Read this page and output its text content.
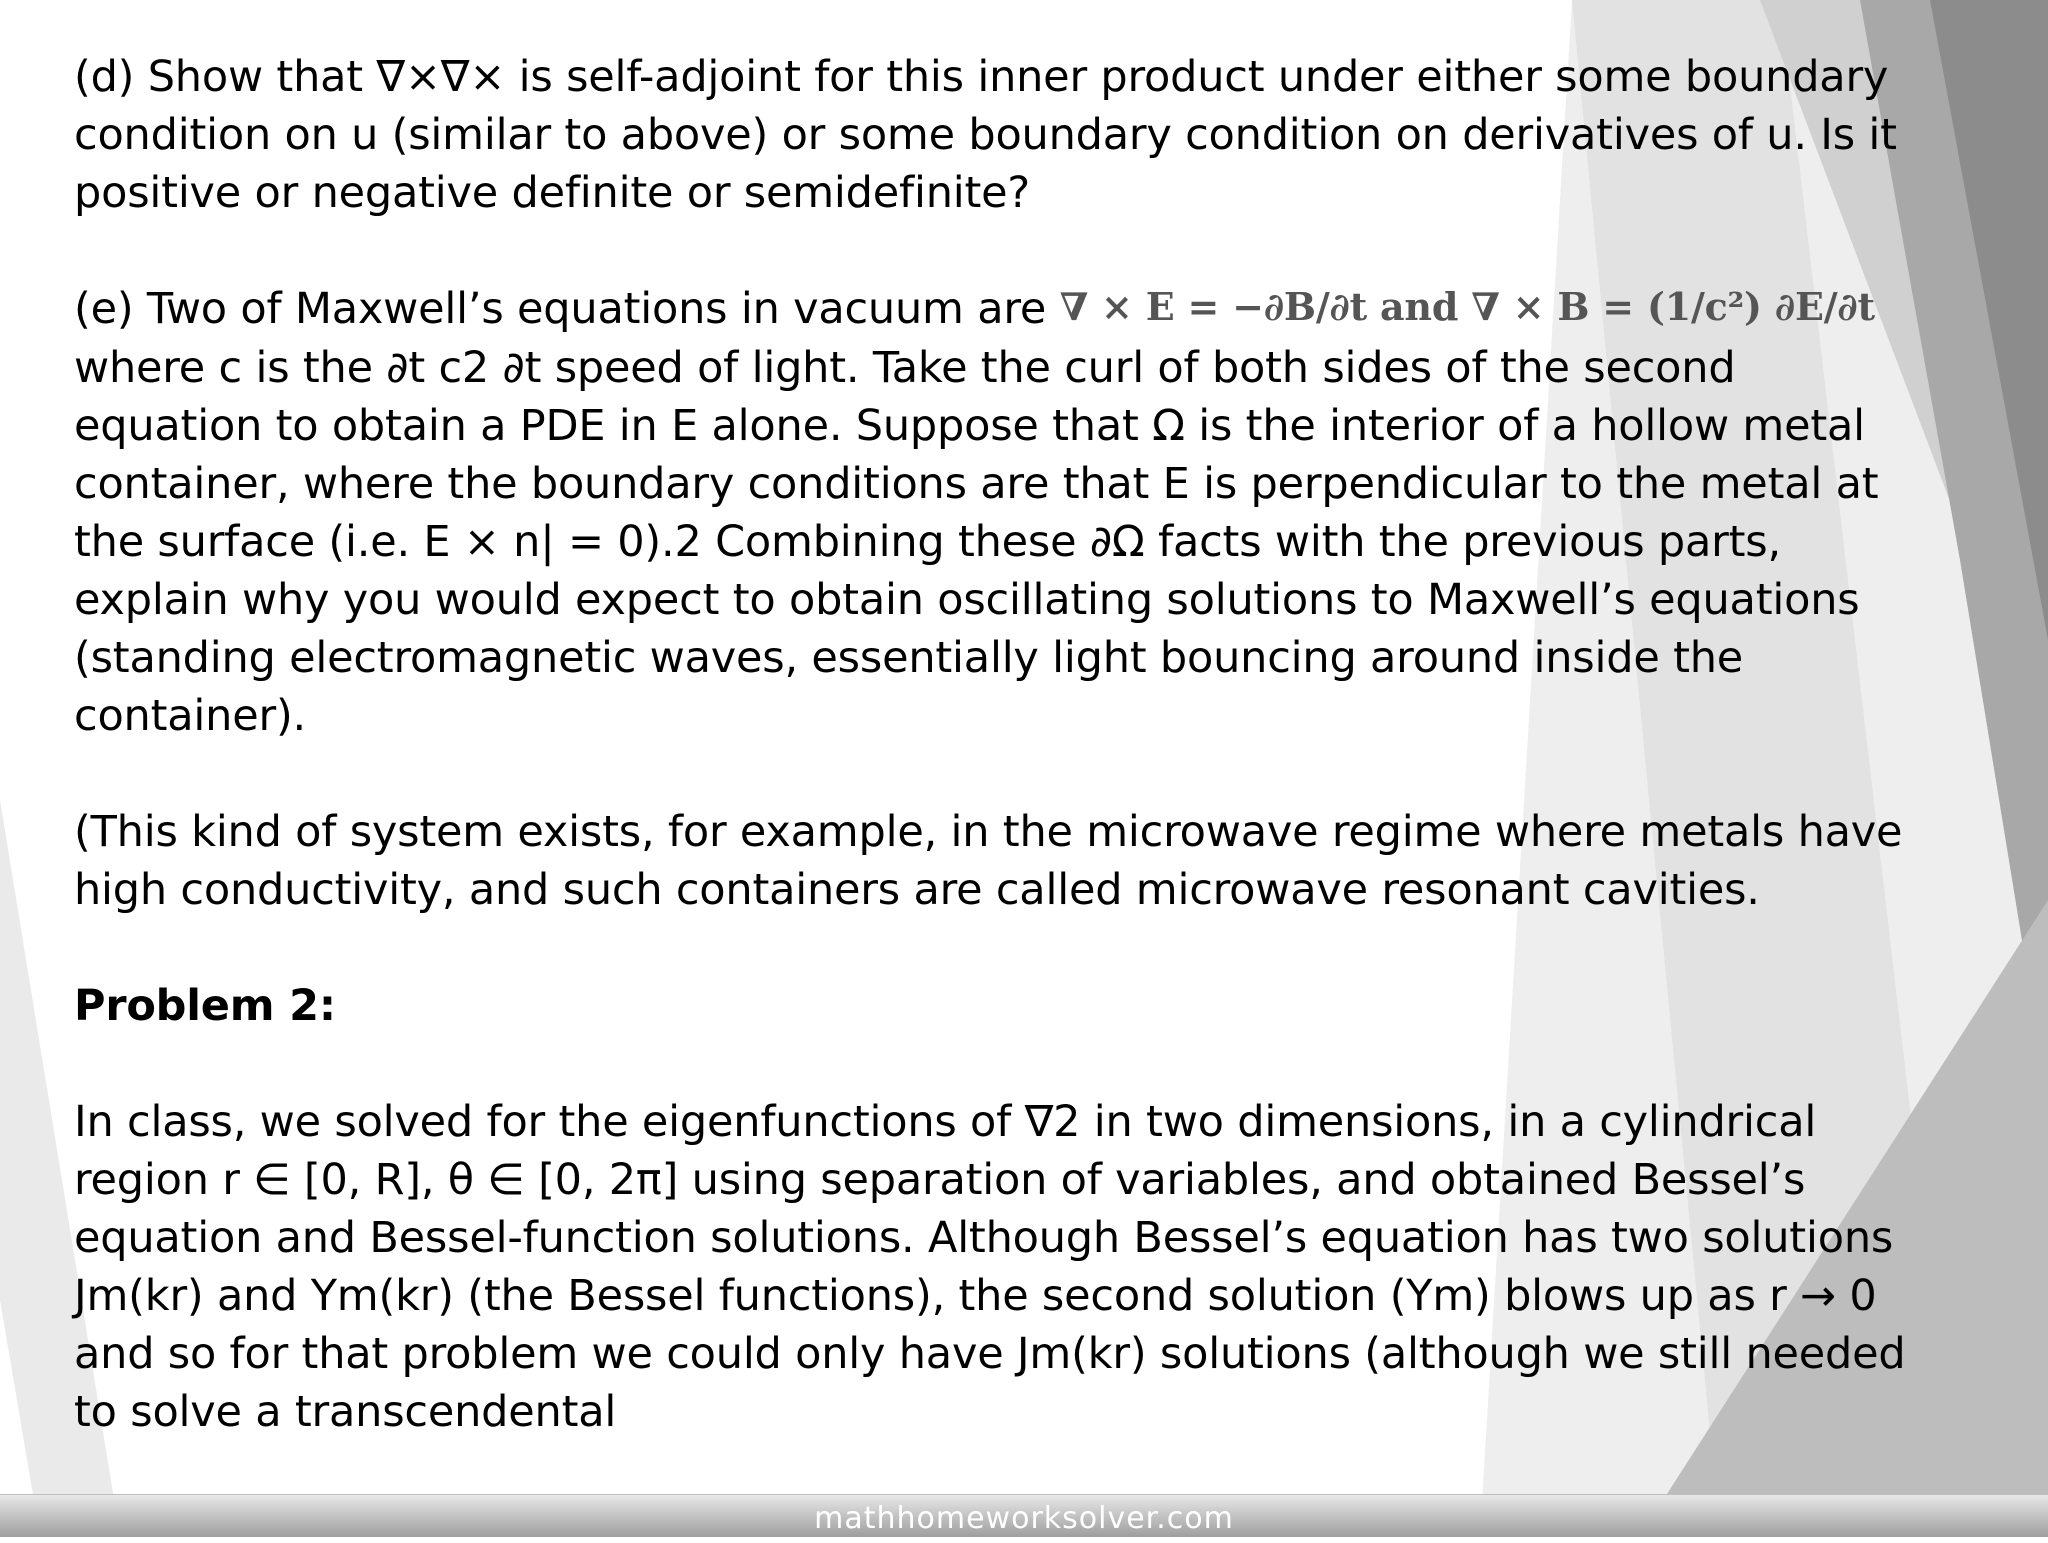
(d) Show that ∇×∇× is self-adjoint for this inner product under either some boundary
condition on u (similar to above) or some boundary condition on derivatives of u. Is it
positive or negative definite or semidefinite?
(e) Two of Maxwell’s equations in vacuum are ∇ × E = −∂B/∂t and ∇ × B = (1/c²) ∂E/∂t
where c is the ∂t c2 ∂t speed of light. Take the curl of both sides of the second
equation to obtain a PDE in E alone. Suppose that Ω is the interior of a hollow metal
container, where the boundary conditions are that E is perpendicular to the metal at
the surface (i.e. E × n| = 0).2 Combining these ∂Ω facts with the previous parts,
explain why you would expect to obtain oscillating solutions to Maxwell’s equations
(standing electromagnetic waves, essentially light bouncing around inside the
container).
(This kind of system exists, for example, in the microwave regime where metals have
high conductivity, and such containers are called microwave resonant cavities.
Problem 2:
In class, we solved for the eigenfunctions of ∇2 in two dimensions, in a cylindrical
region r ∈ [0, R], θ ∈ [0, 2π] using separation of variables, and obtained Bessel’s
equation and Bessel-function solutions. Although Bessel’s equation has two solutions
Jm(kr) and Ym(kr) (the Bessel functions), the second solution (Ym) blows up as r → 0
and so for that problem we could only have Jm(kr) solutions (although we still needed
to solve a transcendental
mathhomeworksolver.com
